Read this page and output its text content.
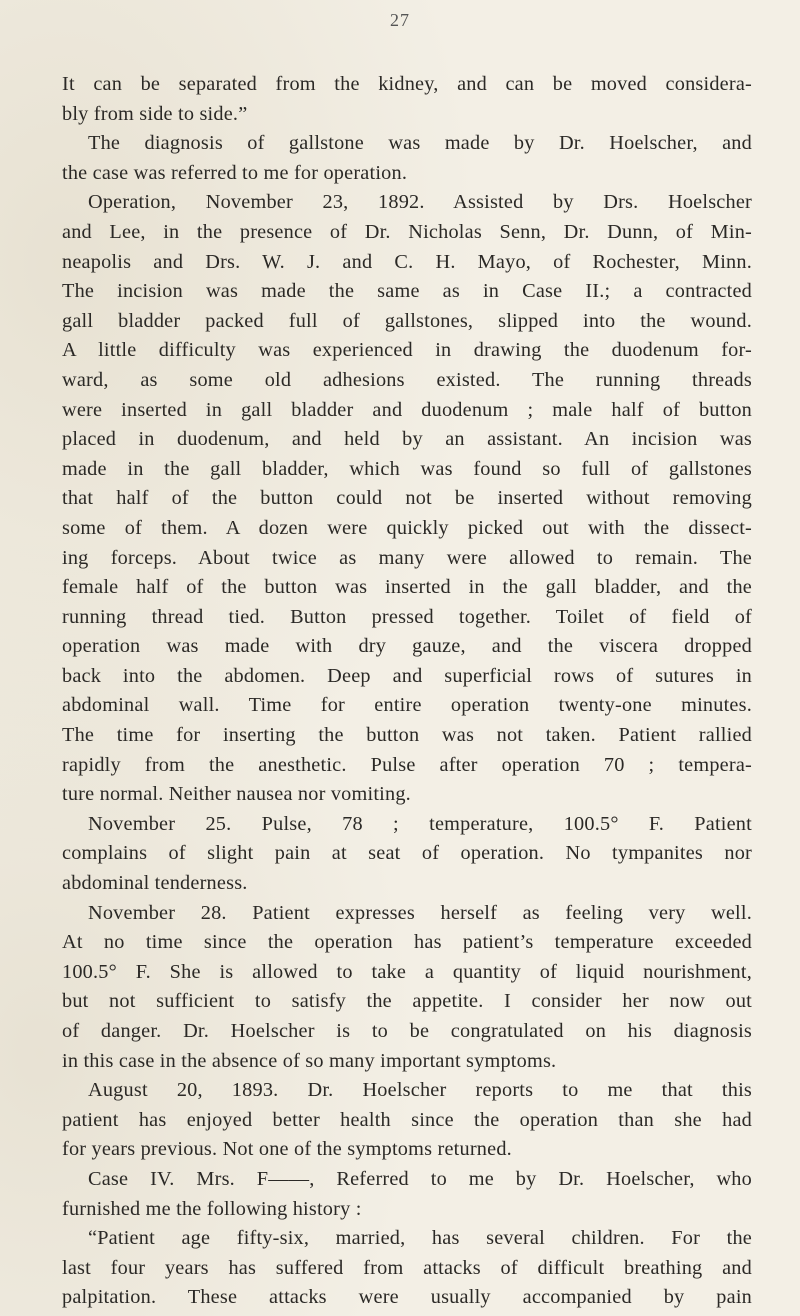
27
It can be separated from the kidney, and can be moved considera-
bly from side to side.”
The diagnosis of gallstone was made by Dr. Hoelscher, and
the case was referred to me for operation.
Operation, November 23, 1892. Assisted by Drs. Hoelscher
and Lee, in the presence of Dr. Nicholas Senn, Dr. Dunn, of Min-
neapolis and Drs. W. J. and C. H. Mayo, of Rochester, Minn.
The incision was made the same as in Case II.; a contracted
gall bladder packed full of gallstones, slipped into the wound.
A little difficulty was experienced in drawing the duodenum for-
ward, as some old adhesions existed. The running threads
were inserted in gall bladder and duodenum ; male half of button
placed in duodenum, and held by an assistant. An incision was
made in the gall bladder, which was found so full of gallstones
that half of the button could not be inserted without removing
some of them. A dozen were quickly picked out with the dissect-
ing forceps. About twice as many were allowed to remain. The
female half of the button was inserted in the gall bladder, and the
running thread tied. Button pressed together. Toilet of field of
operation was made with dry gauze, and the viscera dropped
back into the abdomen. Deep and superficial rows of sutures in
abdominal wall. Time for entire operation twenty-one minutes.
The time for inserting the button was not taken. Patient rallied
rapidly from the anesthetic. Pulse after operation 70 ; tempera-
ture normal. Neither nausea nor vomiting.
November 25. Pulse, 78 ; temperature, 100.5° F. Patient
complains of slight pain at seat of operation. No tympanites nor
abdominal tenderness.
November 28. Patient expresses herself as feeling very well.
At no time since the operation has patient’s temperature exceeded
100.5° F. She is allowed to take a quantity of liquid nourishment,
but not sufficient to satisfy the appetite. I consider her now out
of danger. Dr. Hoelscher is to be congratulated on his diagnosis
in this case in the absence of so many important symptoms.
August 20, 1893. Dr. Hoelscher reports to me that this
patient has enjoyed better health since the operation than she had
for years previous. Not one of the symptoms returned.
Case IV. Mrs. F——, Referred to me by Dr. Hoelscher, who
furnished me the following history :
“Patient age fifty-six, married, has several children. For the
last four years has suffered from attacks of difficult breathing and
palpitation. These attacks were usually accompanied by pain
